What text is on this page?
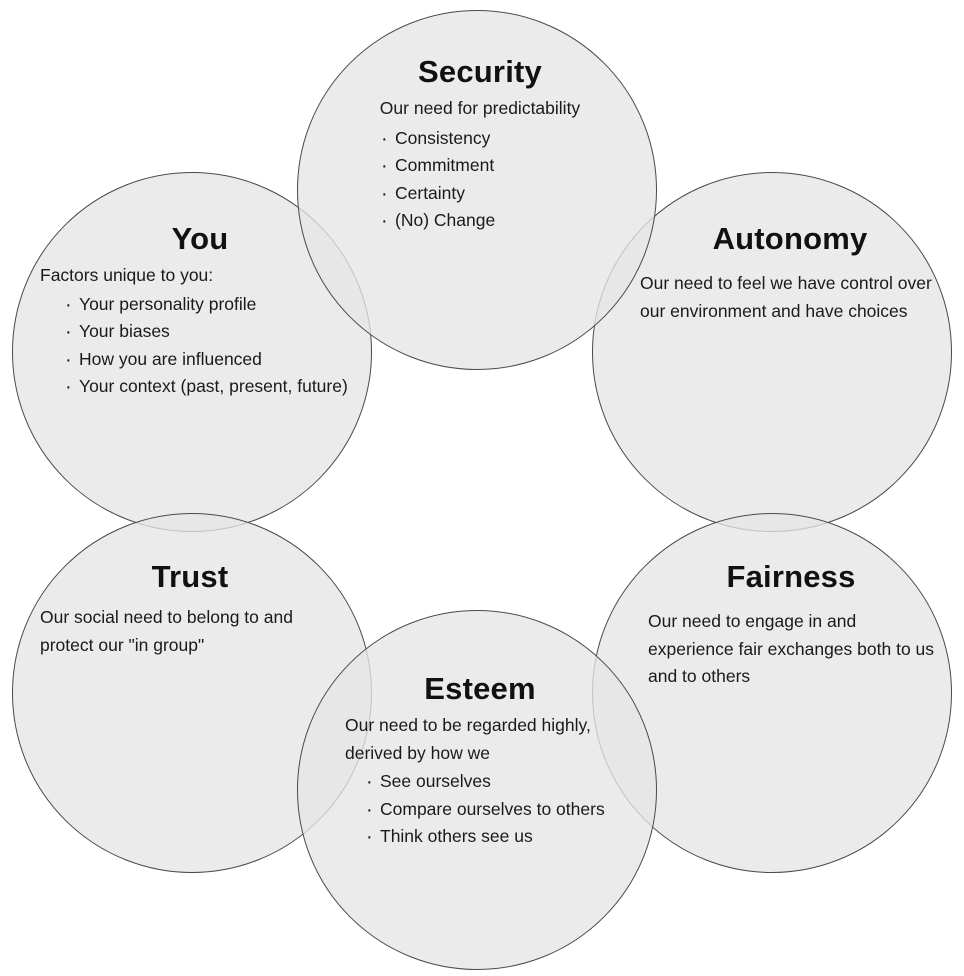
Security
Our need for predictability
· Consistency
· Commitment
· Certainty
· (No) Change
You
Factors unique to you:
· Your personality profile
· Your biases
· How you are influenced
· Your context (past, present, future)
Autonomy
Our need to feel we have control over our environment and have choices
Trust
Our social need to belong to and protect our "in group"
Fairness
Our need to engage in and experience fair exchanges both to us and to others
Esteem
Our need to be regarded highly, derived by how we
· See ourselves
· Compare ourselves to others
· Think others see us
